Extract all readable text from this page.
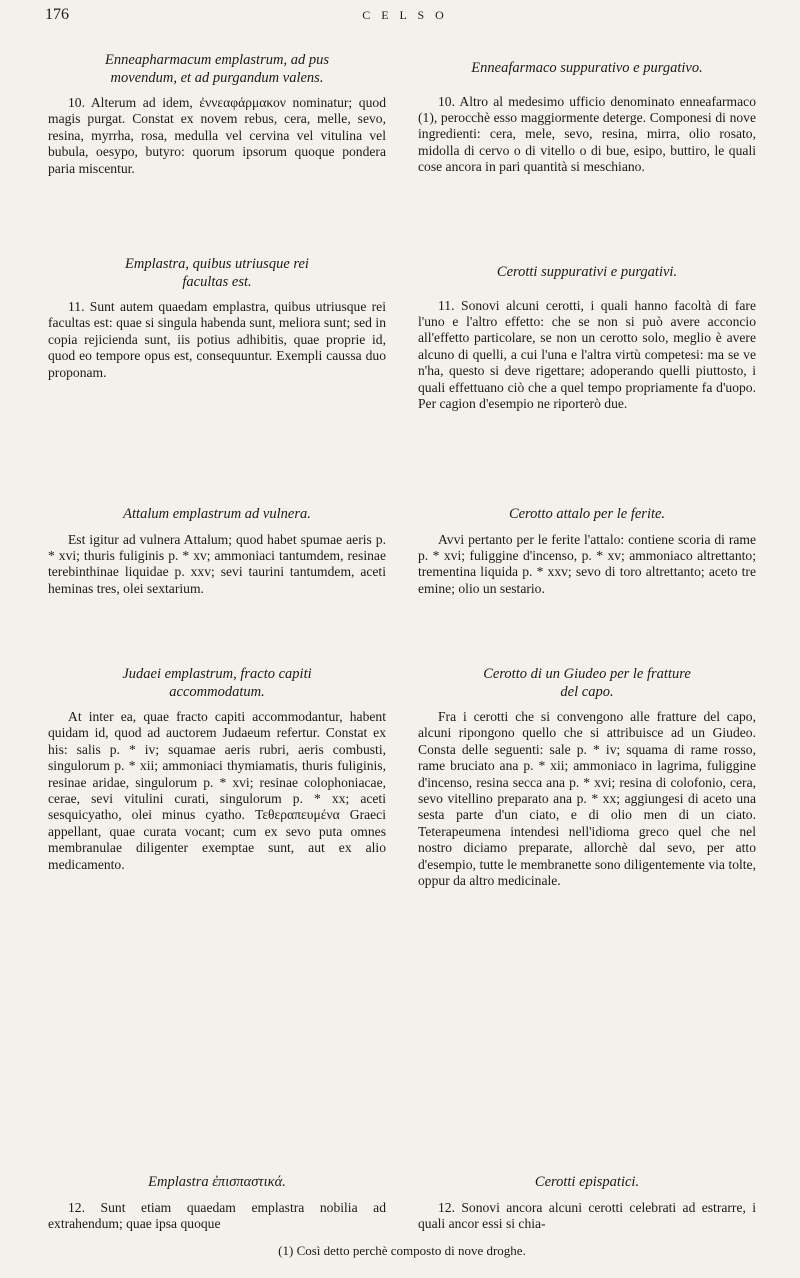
176	C E L S O

Enneapharmacum emplastrum, ad pus
movendum, et ad purgandum valens.

10. Alterum ad idem, ἐννεαφάρμακον nominatur; quod magis purgat. Constat ex novem rebus, cera, melle, sevo, resina, myrrha, rosa, medulla vel cervina vel vitulina vel bubula, oesypo, butyro: quorum ipsorum quoque pondera paria miscentur.

Emplastra, quibus utriusque rei
facultas est.

11. Sunt autem quaedam emplastra, quibus utriusque rei facultas est: quae si singula habenda sunt, meliora sunt; sed in copia rejicienda sunt, iis potius adhibitis, quae proprie id, quod eo tempore opus est, consequuntur. Exempli caussa duo proponam.

Attalum emplastrum ad vulnera.

Est igitur ad vulnera Attalum; quod habet spumae aeris p. * xvi; thuris fuliginis p. * xv; ammoniaci tantumdem, resinae terebinthinae liquidae p. xxv; sevi taurini tantumdem, aceti heminas tres, olei sextarium.

Judaei emplastrum, fracto capiti
accommodatum.

At inter ea, quae fracto capiti accommodantur, habent quidam id, quod ad auctorem Judaeum refertur. Constat ex his: salis p. * iv; squamae aeris rubri, aeris combusti, singulorum p. * xii; ammoniaci thymiamatis, thuris fuliginis, resinae aridae, singulorum p. * xvi; resinae colophoniacae, cerae, sevi vitulini curati, singulorum p. * xx; aceti sesquicyatho, olei minus cyatho. Τεθεραπευμένα Graeci appellant, quae curata vocant; cum ex sevo puta omnes membranulae diligenter exemptae sunt, aut ex alio medicamento.

Emplastra ἐπισπαστικά.

12. Sunt etiam quaedam emplastra nobilia ad extrahendum; quae ipsa quoque

Enneafarmaco suppurativo e purgativo.

10. Altro al medesimo ufficio denominato enneafarmaco (1), perocchè esso maggiormente deterge. Componesi di nove ingredienti: cera, mele, sevo, resina, mirra, olio rosato, midolla di cervo o di vitello o di bue, esipo, buttiro, le quali cose ancora in pari quantità si meschiano.

Cerotti suppurativi e purgativi.

11. Sonovi alcuni cerotti, i quali hanno facoltà di fare l'uno e l'altro effetto: che se non si può avere acconcio all'effetto particolare, se non un cerotto solo, meglio è avere alcuno di quelli, a cui l'una e l'altra virtù competesi: ma se ve n'ha, questo si deve rigettare; adoperando quelli piuttosto, i quali effettuano ciò che a quel tempo propriamente fa d'uopo. Per cagion d'esempio ne riporterò due.

Cerotto attalo per le ferite.

Avvi pertanto per le ferite l'attalo: contiene scoria di rame p. * xvi; fuliggine d'incenso, p. * xv; ammoniaco altrettanto; trementina liquida p. * xxv; sevo di toro altrettanto; aceto tre emine; olio un sestario.

Cerotto di un Giudeo per le fratture
del capo.

Fra i cerotti che si convengono alle fratture del capo, alcuni ripongono quello che si attribuisce ad un Giudeo. Consta delle seguenti: sale p. * iv; squama di rame rosso, rame bruciato ana p. * xii; ammoniaco in lagrima, fuliggine d'incenso, resina secca ana p. * xvi; resina di colofonio, cera, sevo vitellino preparato ana p. * xx; aggiungesi di aceto una sesta parte d'un ciato, e di olio men di un ciato. Teterapeumena intendesi nell'idioma greco quel che nel nostro diciamo preparate, allorchè dal sevo, per atto d'esempio, tutte le membranette sono diligentemente via tolte, oppur da altro medicinale.

Cerotti epispatici.

12. Sonovi ancora alcuni cerotti celebrati ad estrarre, i quali ancor essi si chia-

(1) Così detto perchè composto di nove droghe.
